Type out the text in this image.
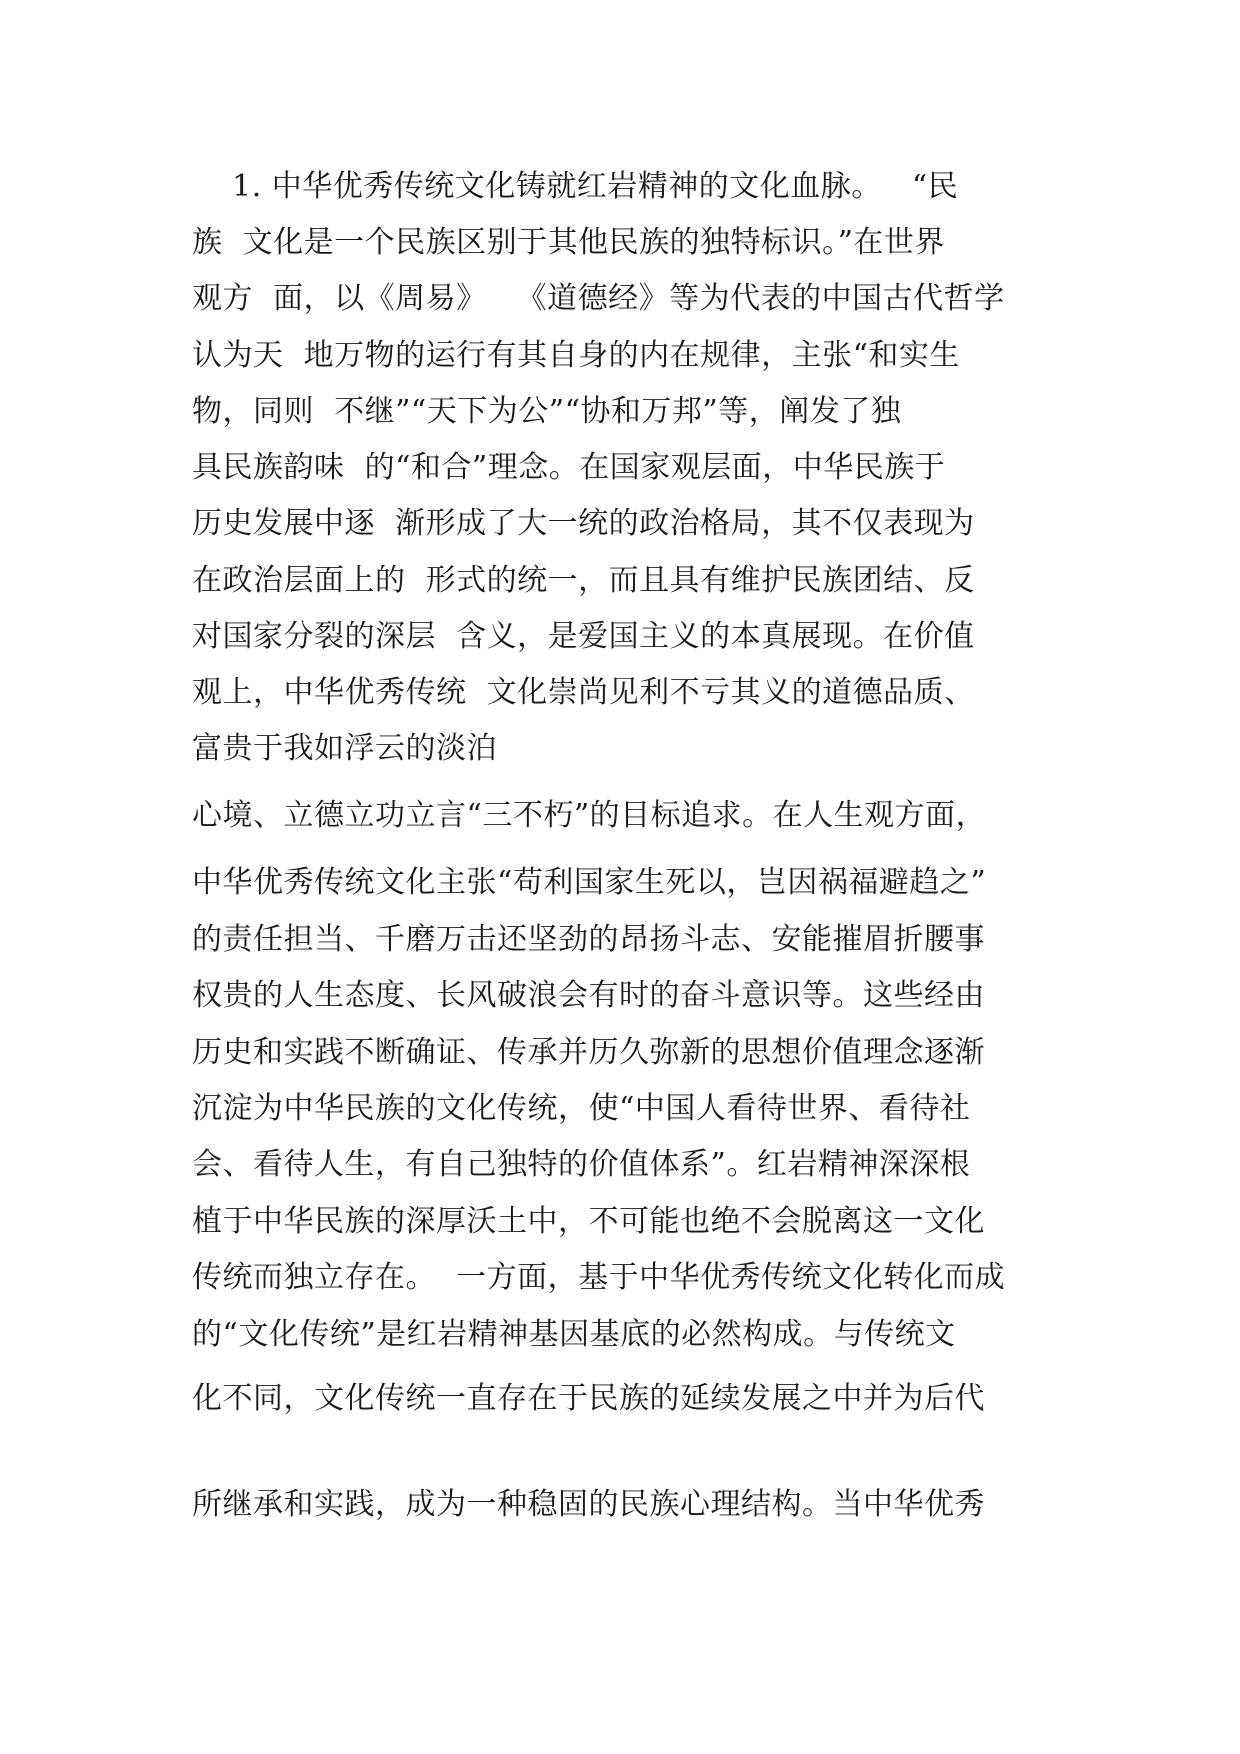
1. 中华优秀传统文化铸就红岩精神的文化血脉。   “民
族  文化是一个民族区别于其他民族的独特标识。”在世界
观方  面，以《周易》   《道德经》等为代表的中国古代哲学
认为天  地万物的运行有其自身的内在规律，主张“和实生
物，同则  不继”“天下为公”“协和万邦”等，阐发了独
具民族韵味  的“和合”理念。在国家观层面，中华民族于
历史发展中逐  渐形成了大一统的政治格局，其不仅表现为
在政治层面上的  形式的统一，而且具有维护民族团结、反
对国家分裂的深层  含义，是爱国主义的本真展现。在价值
观上，中华优秀传统  文化崇尚见利不亏其义的道德品质、
富贵于我如浮云的淡泊
心境、立德立功立言“三不朽”的目标追求。在人生观方面，
中华优秀传统文化主张“苟利国家生死以，岂因祸福避趋之”
的责任担当、千磨万击还坚劲的昂扬斗志、安能摧眉折腰事
权贵的人生态度、长风破浪会有时的奋斗意识等。这些经由
历史和实践不断确证、传承并历久弥新的思想价值理念逐渐
沉淀为中华民族的文化传统，使“中国人看待世界、看待社
会、看待人生，有自己独特的价值体系”。红岩精神深深根
植于中华民族的深厚沃土中，不可能也绝不会脱离这一文化
传统而独立存在。  一方面，基于中华优秀传统文化转化而成
的“文化传统”是红岩精神基因基底的必然构成。与传统文
化不同，文化传统一直存在于民族的延续发展之中并为后代
所继承和实践，成为一种稳固的民族心理结构。当中华优秀
